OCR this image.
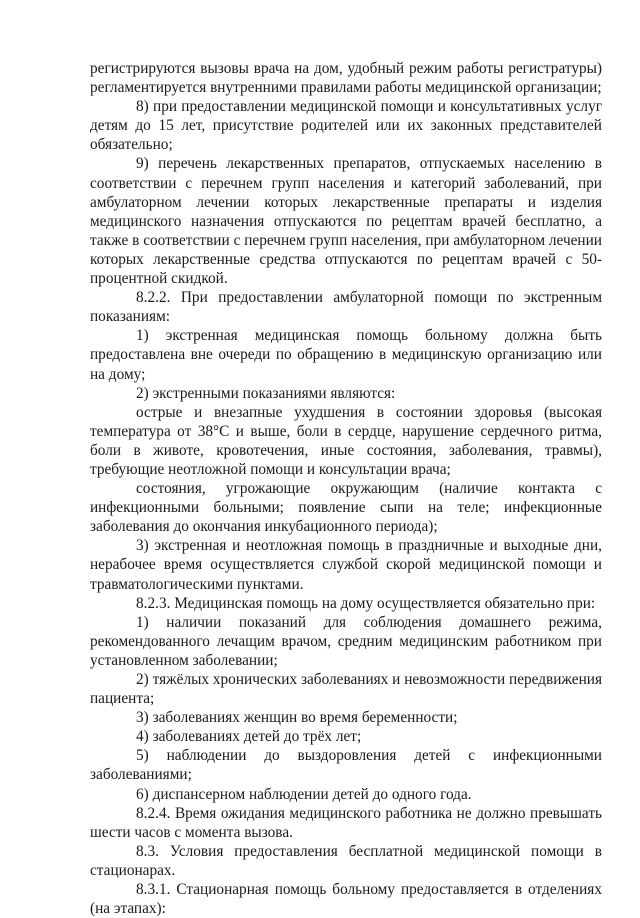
регистрируются вызовы врача на дом, удобный режим работы регистратуры) регламентируется внутренними правилами работы медицинской организации;

8) при предоставлении медицинской помощи и консультативных услуг детям до 15 лет, присутствие родителей или их законных представителей обязательно;

9) перечень лекарственных препаратов, отпускаемых населению в соответствии с перечнем групп населения и категорий заболеваний, при амбулаторном лечении которых лекарственные препараты и изделия медицинского назначения отпускаются по рецептам врачей бесплатно, а также в соответствии с перечнем групп населения, при амбулаторном лечении которых лекарственные средства отпускаются по рецептам врачей с 50-процентной скидкой.

8.2.2. При предоставлении амбулаторной помощи по экстренным показаниям:

1) экстренная медицинская помощь больному должна быть предоставлена вне очереди по обращению в медицинскую организацию или на дому;

2) экстренными показаниями являются:

острые и внезапные ухудшения в состоянии здоровья (высокая температура от 38°С и выше, боли в сердце, нарушение сердечного ритма, боли в животе, кровотечения, иные состояния, заболевания, травмы), требующие неотложной помощи и консультации врача;

состояния, угрожающие окружающим (наличие контакта с инфекционными больными; появление сыпи на теле; инфекционные заболевания до окончания инкубационного периода);

3) экстренная и неотложная помощь в праздничные и выходные дни, нерабочее время осуществляется службой скорой медицинской помощи и травматологическими пунктами.

8.2.3. Медицинская помощь на дому осуществляется обязательно при:

1) наличии показаний для соблюдения домашнего режима, рекомендованного лечащим врачом, средним медицинским работником при установленном заболевании;

2) тяжёлых хронических заболеваниях и невозможности передвижения пациента;

3) заболеваниях женщин во время беременности;

4) заболеваниях детей до трёх лет;

5) наблюдении до выздоровления детей с инфекционными заболеваниями;

6) диспансерном наблюдении детей до одного года.

8.2.4. Время ожидания медицинского работника не должно превышать шести часов с момента вызова.

8.3. Условия предоставления бесплатной медицинской помощи в стационарах.

8.3.1. Стационарная помощь больному предоставляется в отделениях (на этапах):
